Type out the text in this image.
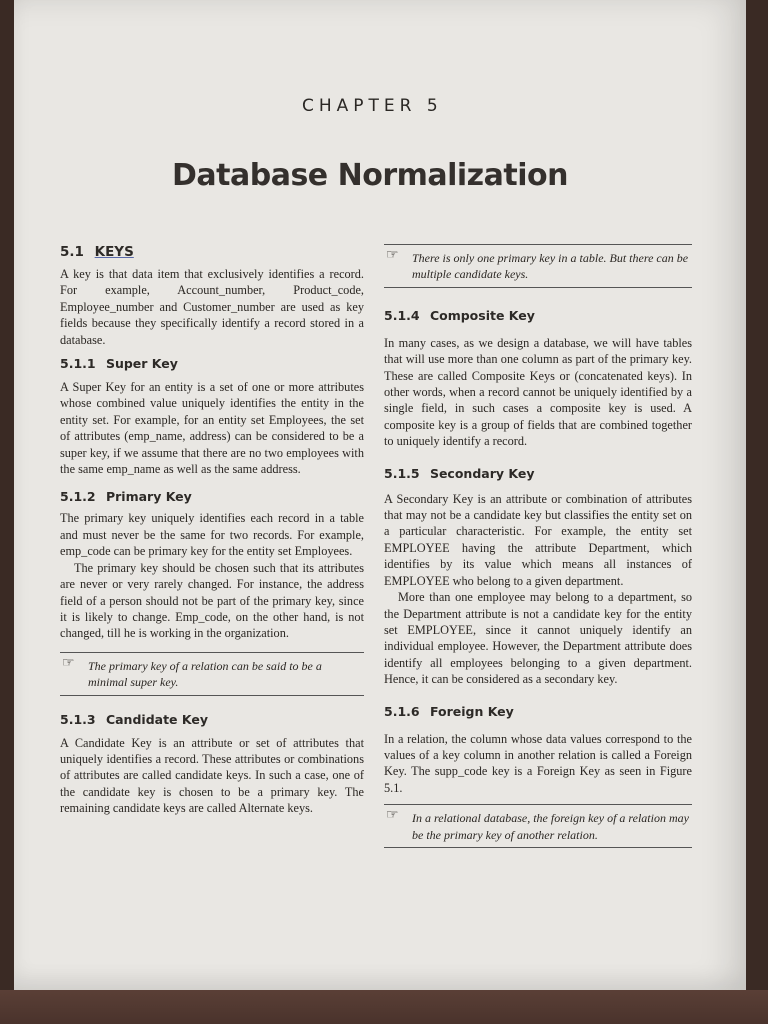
CHAPTER 5
Database Normalization
5.1 KEYS

A key is that data item that exclusively identifies a record. For example, Account_number, Product_code, Employee_number and Customer_number are used as key fields because they specifically identify a record stored in a database.

5.1.1 Super Key

A Super Key for an entity is a set of one or more attributes whose combined value uniquely identifies the entity in the entity set. For example, for an entity set Employees, the set of attributes (emp_name, address) can be considered to be a super key, if we assume that there are no two employees with the same emp_name as well as the same address.

5.1.2 Primary Key

The primary key uniquely identifies each record in a table and must never be the same for two records. For example, emp_code can be primary key for the entity set Employees.

The primary key should be chosen such that its attributes are never or very rarely changed. For instance, the address field of a person should not be part of the primary key, since it is likely to change. Emp_code, on the other hand, is not changed, till he is working in the organization.

☞ The primary key of a relation can be said to be a minimal super key.
5.1.3 Candidate Key

A Candidate Key is an attribute or set of attributes that uniquely identifies a record. These attributes or combinations of attributes are called candidate keys. In such a case, one of the candidate key is chosen to be a primary key. The remaining candidate keys are called Alternate keys.

☞ There is only one primary key in a table. But there can be multiple candidate keys.
5.1.4 Composite Key

In many cases, as we design a database, we will have tables that will use more than one column as part of the primary key. These are called Composite Keys or (concatenated keys). In other words, when a record cannot be uniquely identified by a single field, in such cases a composite key is used. A composite key is a group of fields that are combined together to uniquely identify a record.

5.1.5 Secondary Key

A Secondary Key is an attribute or combination of attributes that may not be a candidate key but classifies the entity set on a particular characteristic. For example, the entity set EMPLOYEE having the attribute Department, which identifies by its value which means all instances of EMPLOYEE who belong to a given department.

More than one employee may belong to a department, so the Department attribute is not a candidate key for the entity set EMPLOYEE, since it cannot uniquely identify an individual employee. However, the Department attribute does identify all employees belonging to a given department. Hence, it can be considered as a secondary key.

5.1.6 Foreign Key

In a relation, the column whose data values correspond to the values of a key column in another relation is called a Foreign Key. The supp_code key is a Foreign Key as seen in Figure 5.1.

☞ In a relational database, the foreign key of a relation may be the primary key of another relation.
